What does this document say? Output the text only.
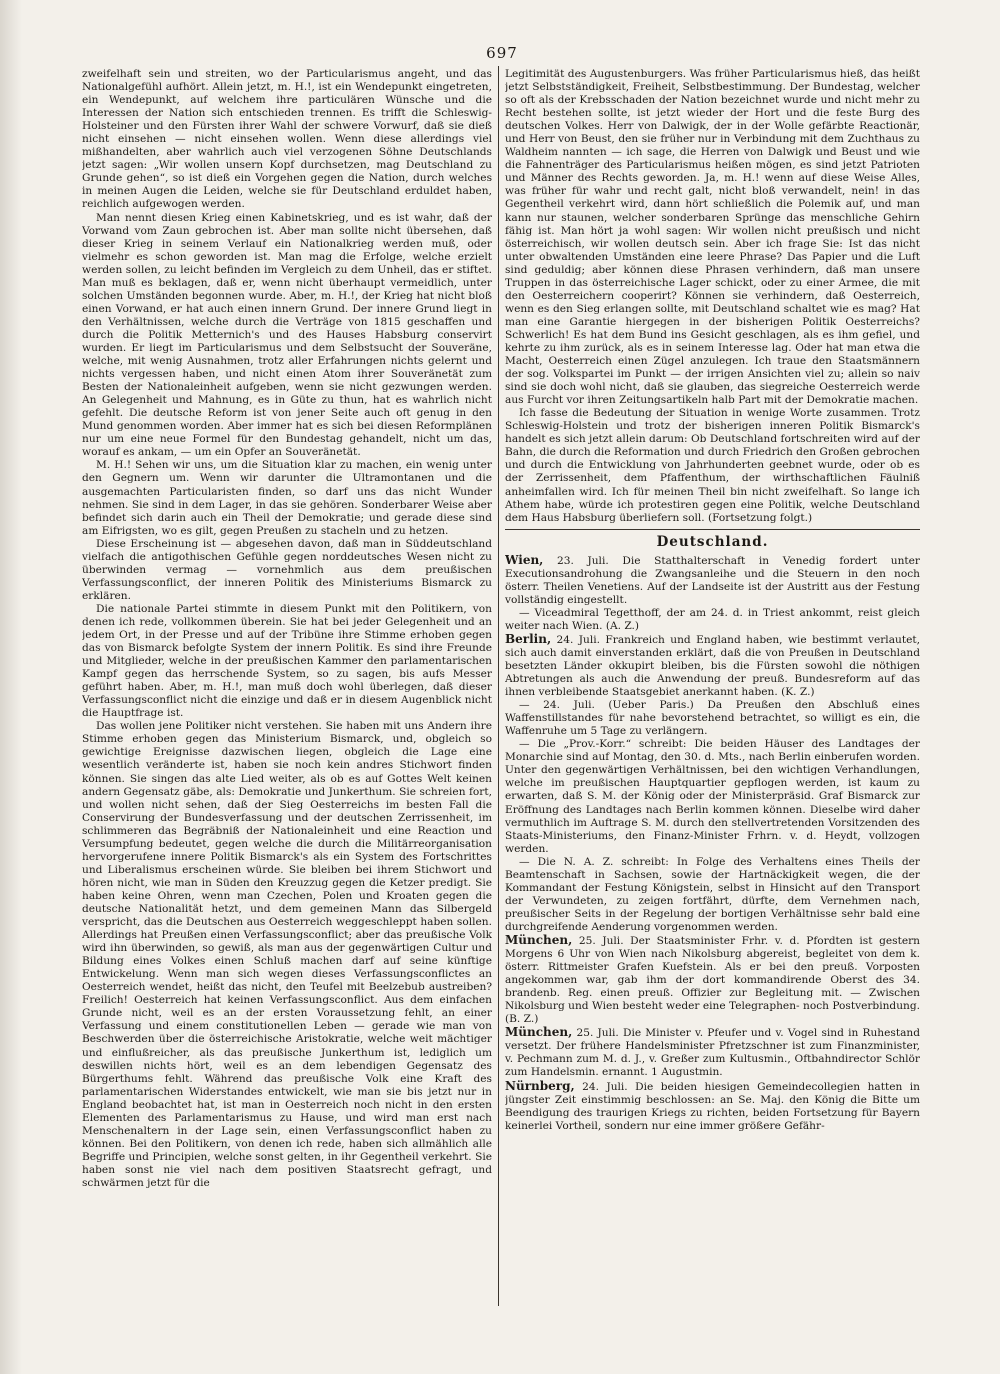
697

zweifelhaft sein und streiten, wo der Particularismus angeht, und das Nationalgefühl aufhört. Allein jetzt, m. H.!, ist ein Wendepunkt eingetreten, ein Wendepunkt, auf welchem ihre particulären Wünsche und die Interessen der Nation sich entschieden trennen. Es trifft die Schleswig-Holsteiner und den Fürsten ihrer Wahl der schwere Vorwurf, daß sie dieß nicht einsehen — nicht einsehen wollen. Wenn diese allerdings viel mißhandelten, aber wahrlich auch viel verzogenen Söhne Deutschlands jetzt sagen: „Wir wollen unsern Kopf durchsetzen, mag Deutschland zu Grunde gehen“, so ist dieß ein Vorgehen gegen die Nation, durch welches in meinen Augen die Leiden, welche sie für Deutschland erduldet haben, reichlich aufgewogen werden.

Man nennt diesen Krieg einen Kabinetskrieg, und es ist wahr, daß der Vorwand vom Zaun gebrochen ist. Aber man sollte nicht übersehen, daß dieser Krieg in seinem Verlauf ein Nationalkrieg werden muß, oder vielmehr es schon geworden ist. Man mag die Erfolge, welche erzielt werden sollen, zu leicht befinden im Vergleich zu dem Unheil, das er stiftet. Man muß es beklagen, daß er, wenn nicht überhaupt vermeidlich, unter solchen Umständen begonnen wurde. Aber, m. H.!, der Krieg hat nicht bloß einen Vorwand, er hat auch einen innern Grund. Der innere Grund liegt in den Verhältnissen, welche durch die Verträge von 1815 geschaffen und durch die Politik Metternich's und des Hauses Habsburg conservirt wurden. Er liegt im Particularismus und dem Selbstsucht der Souveräne, welche, mit wenig Ausnahmen, trotz aller Erfahrungen nichts gelernt und nichts vergessen haben, und nicht einen Atom ihrer Souveränetät zum Besten der Nationaleinheit aufgeben, wenn sie nicht gezwungen werden. An Gelegenheit und Mahnung, es in Güte zu thun, hat es wahrlich nicht gefehlt. Die deutsche Reform ist von jener Seite auch oft genug in den Mund genommen worden. Aber immer hat es sich bei diesen Reformplänen nur um eine neue Formel für den Bundestag gehandelt, nicht um das, worauf es ankam, — um ein Opfer an Souveränetät.

M. H.! Sehen wir uns, um die Situation klar zu machen, ein wenig unter den Gegnern um. Wenn wir darunter die Ultramontanen und die ausgemachten Particularisten finden, so darf uns das nicht Wunder nehmen. Sie sind in dem Lager, in das sie gehören. Sonderbarer Weise aber befindet sich darin auch ein Theil der Demokratie; und gerade diese sind am Eifrigsten, wo es gilt, gegen Preußen zu stacheln und zu hetzen.

Diese Erscheinung ist — abgesehen davon, daß man in Süddeutschland vielfach die antigothischen Gefühle gegen norddeutsches Wesen nicht zu überwinden vermag — vornehmlich aus dem preußischen Verfassungsconflict, der inneren Politik des Ministeriums Bismarck zu erklären.

Die nationale Partei stimmte in diesem Punkt mit den Politikern, von denen ich rede, vollkommen überein. Sie hat bei jeder Gelegenheit und an jedem Ort, in der Presse und auf der Tribüne ihre Stimme erhoben gegen das von Bismarck befolgte System der innern Politik. Es sind ihre Freunde und Mitglieder, welche in der preußischen Kammer den parlamentarischen Kampf gegen das herrschende System, so zu sagen, bis aufs Messer geführt haben. Aber, m. H.!, man muß doch wohl überlegen, daß dieser Verfassungsconflict nicht die einzige und daß er in diesem Augenblick nicht die Hauptfrage ist.

Das wollen jene Politiker nicht verstehen. Sie haben mit uns Andern ihre Stimme erhoben gegen das Ministerium Bismarck, und, obgleich so gewichtige Ereignisse dazwischen liegen, obgleich die Lage eine wesentlich veränderte ist, haben sie noch kein andres Stichwort finden können. Sie singen das alte Lied weiter, als ob es auf Gottes Welt keinen andern Gegensatz gäbe, als: Demokratie und Junkerthum. Sie schreien fort, und wollen nicht sehen, daß der Sieg Oesterreichs im besten Fall die Conservirung der Bundesverfassung und der deutschen Zerrissenheit, im schlimmeren das Begräbniß der Nationaleinheit und eine Reaction und Versumpfung bedeutet, gegen welche die durch die Militärreorganisation hervorgerufene innere Politik Bismarck's als ein System des Fortschrittes und Liberalismus erscheinen würde. Sie bleiben bei ihrem Stichwort und hören nicht, wie man in Süden den Kreuzzug gegen die Ketzer predigt. Sie haben keine Ohren, wenn man Czechen, Polen und Kroaten gegen die deutsche Nationalität hetzt, und dem gemeinen Mann das Silbergeld verspricht, das die Deutschen aus Oesterreich weggeschleppt haben sollen. Allerdings hat Preußen einen Verfassungsconflict; aber das preußische Volk wird ihn überwinden, so gewiß, als man aus der gegenwärtigen Cultur und Bildung eines Volkes einen Schluß machen darf auf seine künftige Entwickelung. Wenn man sich wegen dieses Verfassungsconflictes an Oesterreich wendet, heißt das nicht, den Teufel mit Beelzebub austreiben? Freilich! Oesterreich hat keinen Verfassungsconflict. Aus dem einfachen Grunde nicht, weil es an der ersten Voraussetzung fehlt, an einer Verfassung und einem constitutionellen Leben — gerade wie man von Beschwerden über die österreichische Aristokratie, welche weit mächtiger und einflußreicher, als das preußische Junkerthum ist, lediglich um deswillen nichts hört, weil es an dem lebendigen Gegensatz des Bürgerthums fehlt. Während das preußische Volk eine Kraft des parlamentarischen Widerstandes entwickelt, wie man sie bis jetzt nur in England beobachtet hat, ist man in Oesterreich noch nicht in den ersten Elementen des Parlamentarismus zu Hause, und wird man erst nach Menschenaltern in der Lage sein, einen Verfassungsconflict haben zu können. Bei den Politikern, von denen ich rede, haben sich allmählich alle Begriffe und Principien, welche sonst gelten, in ihr Gegentheil verkehrt. Sie haben sonst nie viel nach dem positiven Staatsrecht gefragt, und schwärmen jetzt für die

Legitimität des Augustenburgers. Was früher Particularismus hieß, das heißt jetzt Selbstständigkeit, Freiheit, Selbstbestimmung. Der Bundestag, welcher so oft als der Krebsschaden der Nation bezeichnet wurde und nicht mehr zu Recht bestehen sollte, ist jetzt wieder der Hort und die feste Burg des deutschen Volkes. Herr von Dalwigk, der in der Wolle gefärbte Reactionär, und Herr von Beust, den sie früher nur in Verbindung mit dem Zuchthaus zu Waldheim nannten — ich sage, die Herren von Dalwigk und Beust und wie die Fahnenträger des Particularismus heißen mögen, es sind jetzt Patrioten und Männer des Rechts geworden. Ja, m. H.! wenn auf diese Weise Alles, was früher für wahr und recht galt, nicht bloß verwandelt, nein! in das Gegentheil verkehrt wird, dann hört schließlich die Polemik auf, und man kann nur staunen, welcher sonderbaren Sprünge das menschliche Gehirn fähig ist. Man hört ja wohl sagen: Wir wollen nicht preußisch und nicht österreichisch, wir wollen deutsch sein. Aber ich frage Sie: Ist das nicht unter obwaltenden Umständen eine leere Phrase? Das Papier und die Luft sind geduldig; aber können diese Phrasen verhindern, daß man unsere Truppen in das österreichische Lager schickt, oder zu einer Armee, die mit den Oesterreichern cooperirt? Können sie verhindern, daß Oesterreich, wenn es den Sieg erlangen sollte, mit Deutschland schaltet wie es mag? Hat man eine Garantie hiergegen in der bisherigen Politik Oesterreichs? Schwerlich! Es hat dem Bund ins Gesicht geschlagen, als es ihm gefiel, und kehrte zu ihm zurück, als es in seinem Interesse lag. Oder hat man etwa die Macht, Oesterreich einen Zügel anzulegen. Ich traue den Staatsmännern der sog. Volkspartei im Punkt — der irrigen Ansichten viel zu; allein so naiv sind sie doch wohl nicht, daß sie glauben, das siegreiche Oesterreich werde aus Furcht vor ihren Zeitungsartikeln halb Part mit der Demokratie machen.

Ich fasse die Bedeutung der Situation in wenige Worte zusammen. Trotz Schleswig-Holstein und trotz der bisherigen inneren Politik Bismarck's handelt es sich jetzt allein darum: Ob Deutschland fortschreiten wird auf der Bahn, die durch die Reformation und durch Friedrich den Großen gebrochen und durch die Entwicklung von Jahrhunderten geebnet wurde, oder ob es der Zerrissenheit, dem Pfaffenthum, der wirthschaftlichen Fäulniß anheimfallen wird. Ich für meinen Theil bin nicht zweifelhaft. So lange ich Athem habe, würde ich protestiren gegen eine Politik, welche Deutschland dem Haus Habsburg überliefern soll. (Fortsetzung folgt.)

Deutschland.

Wien, 23. Juli. Die Statthalterschaft in Venedig fordert unter Executionsandrohung die Zwangsanleihe und die Steuern in den noch österr. Theilen Venetiens. Auf der Landseite ist der Austritt aus der Festung vollständig eingestellt.

— Viceadmiral Tegetthoff, der am 24. d. in Triest ankommt, reist gleich weiter nach Wien. (A. Z.)

Berlin, 24. Juli. Frankreich und England haben, wie bestimmt verlautet, sich auch damit einverstanden erklärt, daß die von Preußen in Deutschland besetzten Länder okkupirt bleiben, bis die Fürsten sowohl die nöthigen Abtretungen als auch die Anwendung der preuß. Bundesreform auf das ihnen verbleibende Staatsgebiet anerkannt haben. (K. Z.)

— 24. Juli. (Ueber Paris.) Da Preußen den Abschluß eines Waffenstillstandes für nahe bevorstehend betrachtet, so willigt es ein, die Waffenruhe um 5 Tage zu verlängern.

— Die „Prov.-Korr.“ schreibt: Die beiden Häuser des Landtages der Monarchie sind auf Montag, den 30. d. Mts., nach Berlin einberufen worden. Unter den gegenwärtigen Verhältnissen, bei den wichtigen Verhandlungen, welche im preußischen Hauptquartier gepflogen werden, ist kaum zu erwarten, daß S. M. der König oder der Ministerpräsid. Graf Bismarck zur Eröffnung des Landtages nach Berlin kommen können. Dieselbe wird daher vermuthlich im Auftrage S. M. durch den stellvertretenden Vorsitzenden des Staats-Ministeriums, den Finanz-Minister Frhrn. v. d. Heydt, vollzogen werden.

— Die N. A. Z. schreibt: In Folge des Verhaltens eines Theils der Beamtenschaft in Sachsen, sowie der Hartnäckigkeit wegen, die der Kommandant der Festung Königstein, selbst in Hinsicht auf den Transport der Verwundeten, zu zeigen fortfährt, dürfte, dem Vernehmen nach, preußischer Seits in der Regelung der bortigen Verhältnisse sehr bald eine durchgreifende Aenderung vorgenommen werden.

München, 25. Juli. Der Staatsminister Frhr. v. d. Pfordten ist gestern Morgens 6 Uhr von Wien nach Nikolsburg abgereist, begleitet von dem k. österr. Rittmeister Grafen Kuefstein. Als er bei den preuß. Vorposten angekommen war, gab ihm der dort kommandirende Oberst des 34. brandenb. Reg. einen preuß. Offizier zur Begleitung mit. — Zwischen Nikolsburg und Wien besteht weder eine Telegraphen- noch Postverbindung. (B. Z.)

München, 25. Juli. Die Minister v. Pfeufer und v. Vogel sind in Ruhestand versetzt. Der frühere Handelsminister Pfretzschner ist zum Finanzminister, v. Pechmann zum M. d. J., v. Greßer zum Kultusmin., Oftbahndirector Schlör zum Handelsmin. ernannt. 1 Augustmin.

Nürnberg, 24. Juli. Die beiden hiesigen Gemeindecollegien hatten in jüngster Zeit einstimmig beschlossen: an Se. Maj. den König die Bitte um Beendigung des traurigen Kriegs zu richten, beiden Fortsetzung für Bayern keinerlei Vortheil, sondern nur eine immer größere Gefähr-
